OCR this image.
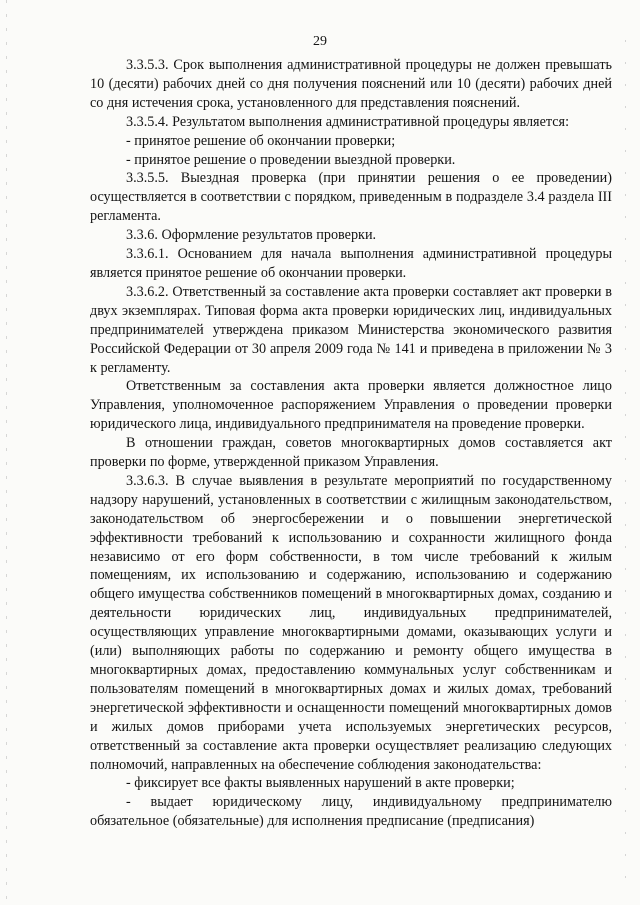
29

3.3.5.3. Срок выполнения административной процедуры не должен превышать 10 (десяти) рабочих дней со дня получения пояснений или 10 (десяти) рабочих дней со дня истечения срока, установленного для представления пояснений.

3.3.5.4. Результатом выполнения административной процедуры является:

- принятое решение об окончании проверки;

- принятое решение о проведении выездной проверки.

3.3.5.5. Выездная проверка (при принятии решения о ее проведении) осуществляется в соответствии с порядком, приведенным в подразделе 3.4 раздела III регламента.

3.3.6. Оформление результатов проверки.

3.3.6.1. Основанием для начала выполнения административной процедуры является принятое решение об окончании проверки.

3.3.6.2. Ответственный за составление акта проверки составляет акт проверки в двух экземплярах. Типовая форма акта проверки юридических лиц, индивидуальных предпринимателей утверждена приказом Министерства экономического развития Российской Федерации от 30 апреля 2009 года № 141 и приведена в приложении № 3 к регламенту.

Ответственным за составления акта проверки является должностное лицо Управления, уполномоченное распоряжением Управления о проведении проверки юридического лица, индивидуального предпринимателя на проведение проверки.

В отношении граждан, советов многоквартирных домов составляется акт проверки по форме, утвержденной приказом Управления.

3.3.6.3. В случае выявления в результате мероприятий по государственному надзору нарушений, установленных в соответствии с жилищным законодательством, законодательством об энергосбережении и о повышении энергетической эффективности требований к использованию и сохранности жилищного фонда независимо от его форм собственности, в том числе требований к жилым помещениям, их использованию и содержанию, использованию и содержанию общего имущества собственников помещений в многоквартирных домах, созданию и деятельности юридических лиц, индивидуальных предпринимателей, осуществляющих управление многоквартирными домами, оказывающих услуги и (или) выполняющих работы по содержанию и ремонту общего имущества в многоквартирных домах, предоставлению коммунальных услуг собственникам и пользователям помещений в многоквартирных домах и жилых домах, требований энергетической эффективности и оснащенности помещений многоквартирных домов и жилых домов приборами учета используемых энергетических ресурсов, ответственный за составление акта проверки осуществляет реализацию следующих полномочий, направленных на обеспечение соблюдения законодательства:

- фиксирует все факты выявленных нарушений в акте проверки;

- выдает юридическому лицу, индивидуальному предпринимателю обязательное (обязательные) для исполнения предписание (предписания)
